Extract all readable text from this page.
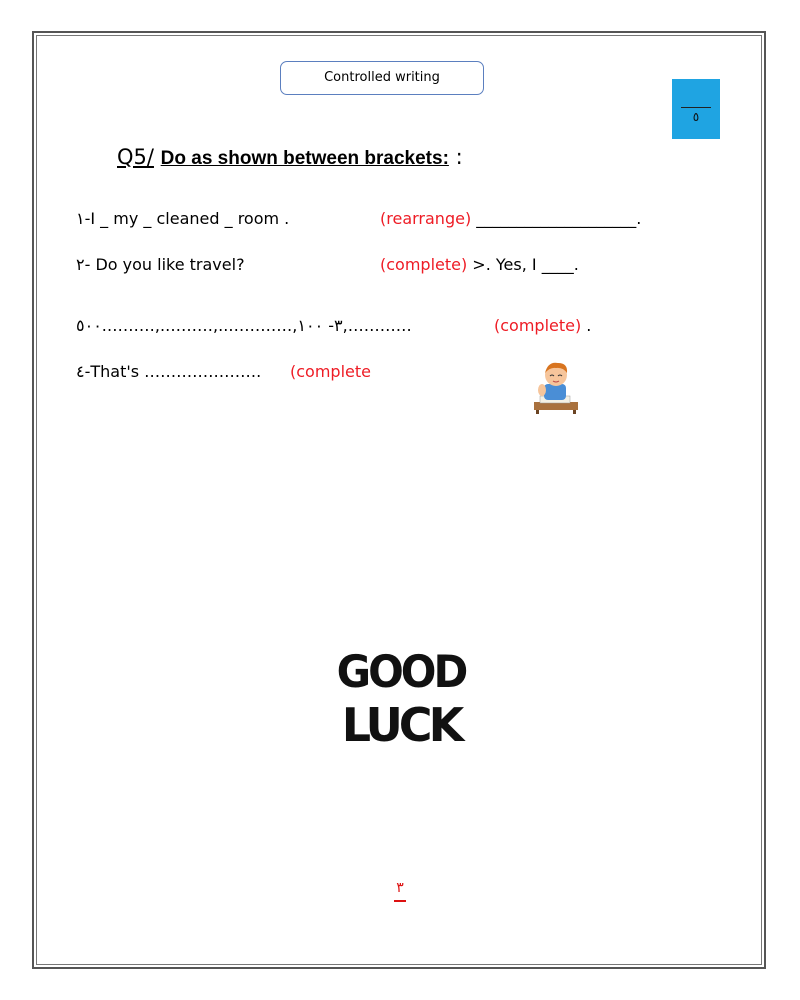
Controlled writing
٥
Q5/ Do as shown between brackets: :
١-I _ my _ cleaned _ room .	(rearrange) ____________________.
٢- Do you like travel?	(complete) >. Yes, I ____.
٣- ١٠٠,…………..,……….,……….٥٠٠,…………	(complete) .
٤-That's …………………. (complete
GOOD
LUCK
٣
